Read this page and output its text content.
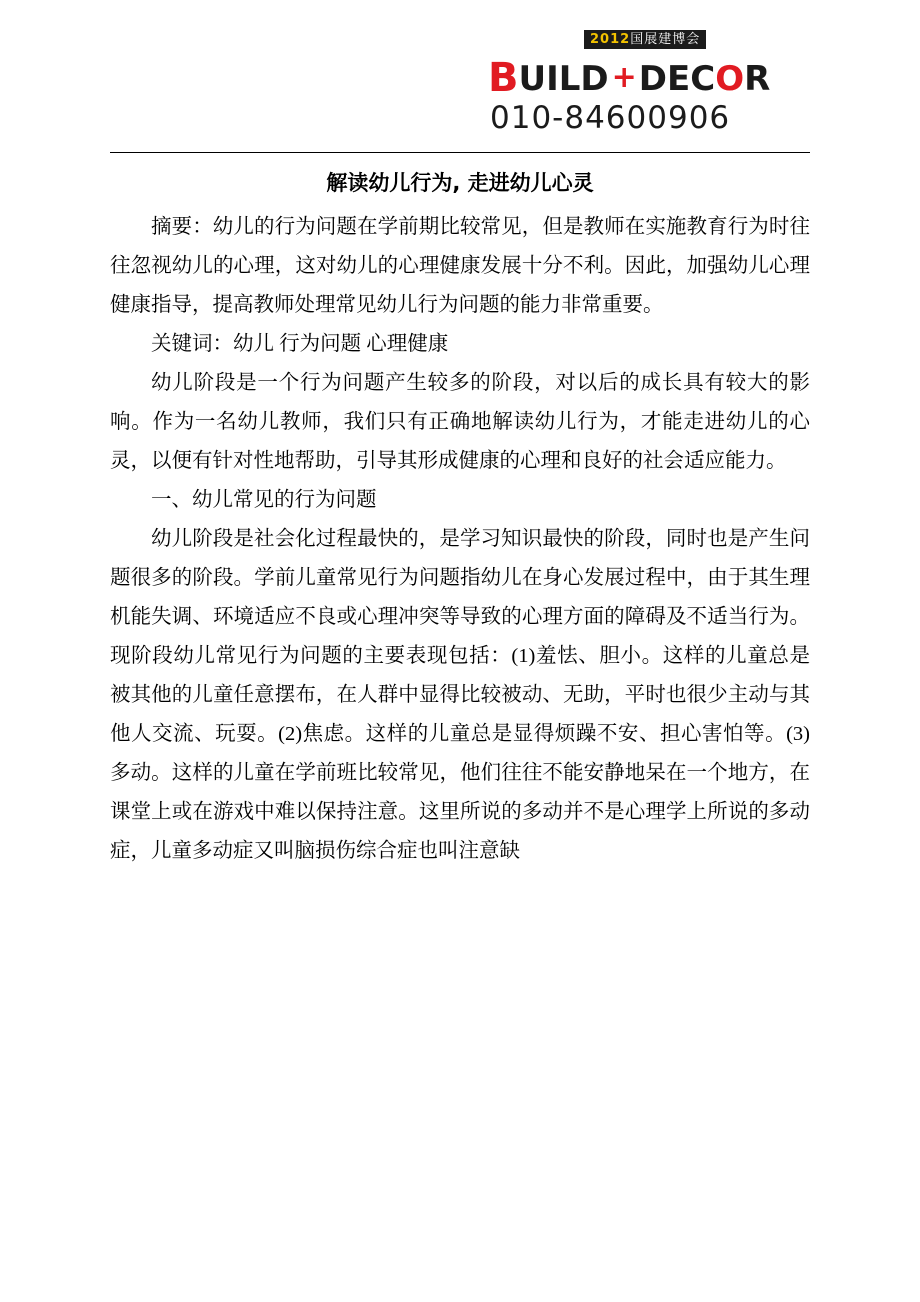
B UILD + DECOR
2012国展建博会
010-84600906
解读幼儿行为, 走进幼儿心灵

摘要：幼儿的行为问题在学前期比较常见，但是教师在实施教育行为时往往忽视幼儿的心理，这对幼儿的心理健康发展十分不利。因此，加强幼儿心理健康指导，提高教师处理常见幼儿行为问题的能力非常重要。

关键词：幼儿 行为问题 心理健康

幼儿阶段是一个行为问题产生较多的阶段，对以后的成长具有较大的影响。作为一名幼儿教师，我们只有正确地解读幼儿行为，才能走进幼儿的心灵，以便有针对性地帮助，引导其形成健康的心理和良好的社会适应能力。

一、幼儿常见的行为问题

幼儿阶段是社会化过程最快的，是学习知识最快的阶段，同时也是产生问题很多的阶段。学前儿童常见行为问题指幼儿在身心发展过程中，由于其生理机能失调、环境适应不良或心理冲突等导致的心理方面的障碍及不适当行为。现阶段幼儿常见行为问题的主要表现包括：(1)羞怯、胆小。这样的儿童总是被其他的儿童任意摆布，在人群中显得比较被动、无助，平时也很少主动与其他人交流、玩耍。(2)焦虑。这样的儿童总是显得烦躁不安、担心害怕等。(3)多动。这样的儿童在学前班比较常见，他们往往不能安静地呆在一个地方，在课堂上或在游戏中难以保持注意。这里所说的多动并不是心理学上所说的多动症，儿童多动症又叫脑损伤综合症也叫注意缺
